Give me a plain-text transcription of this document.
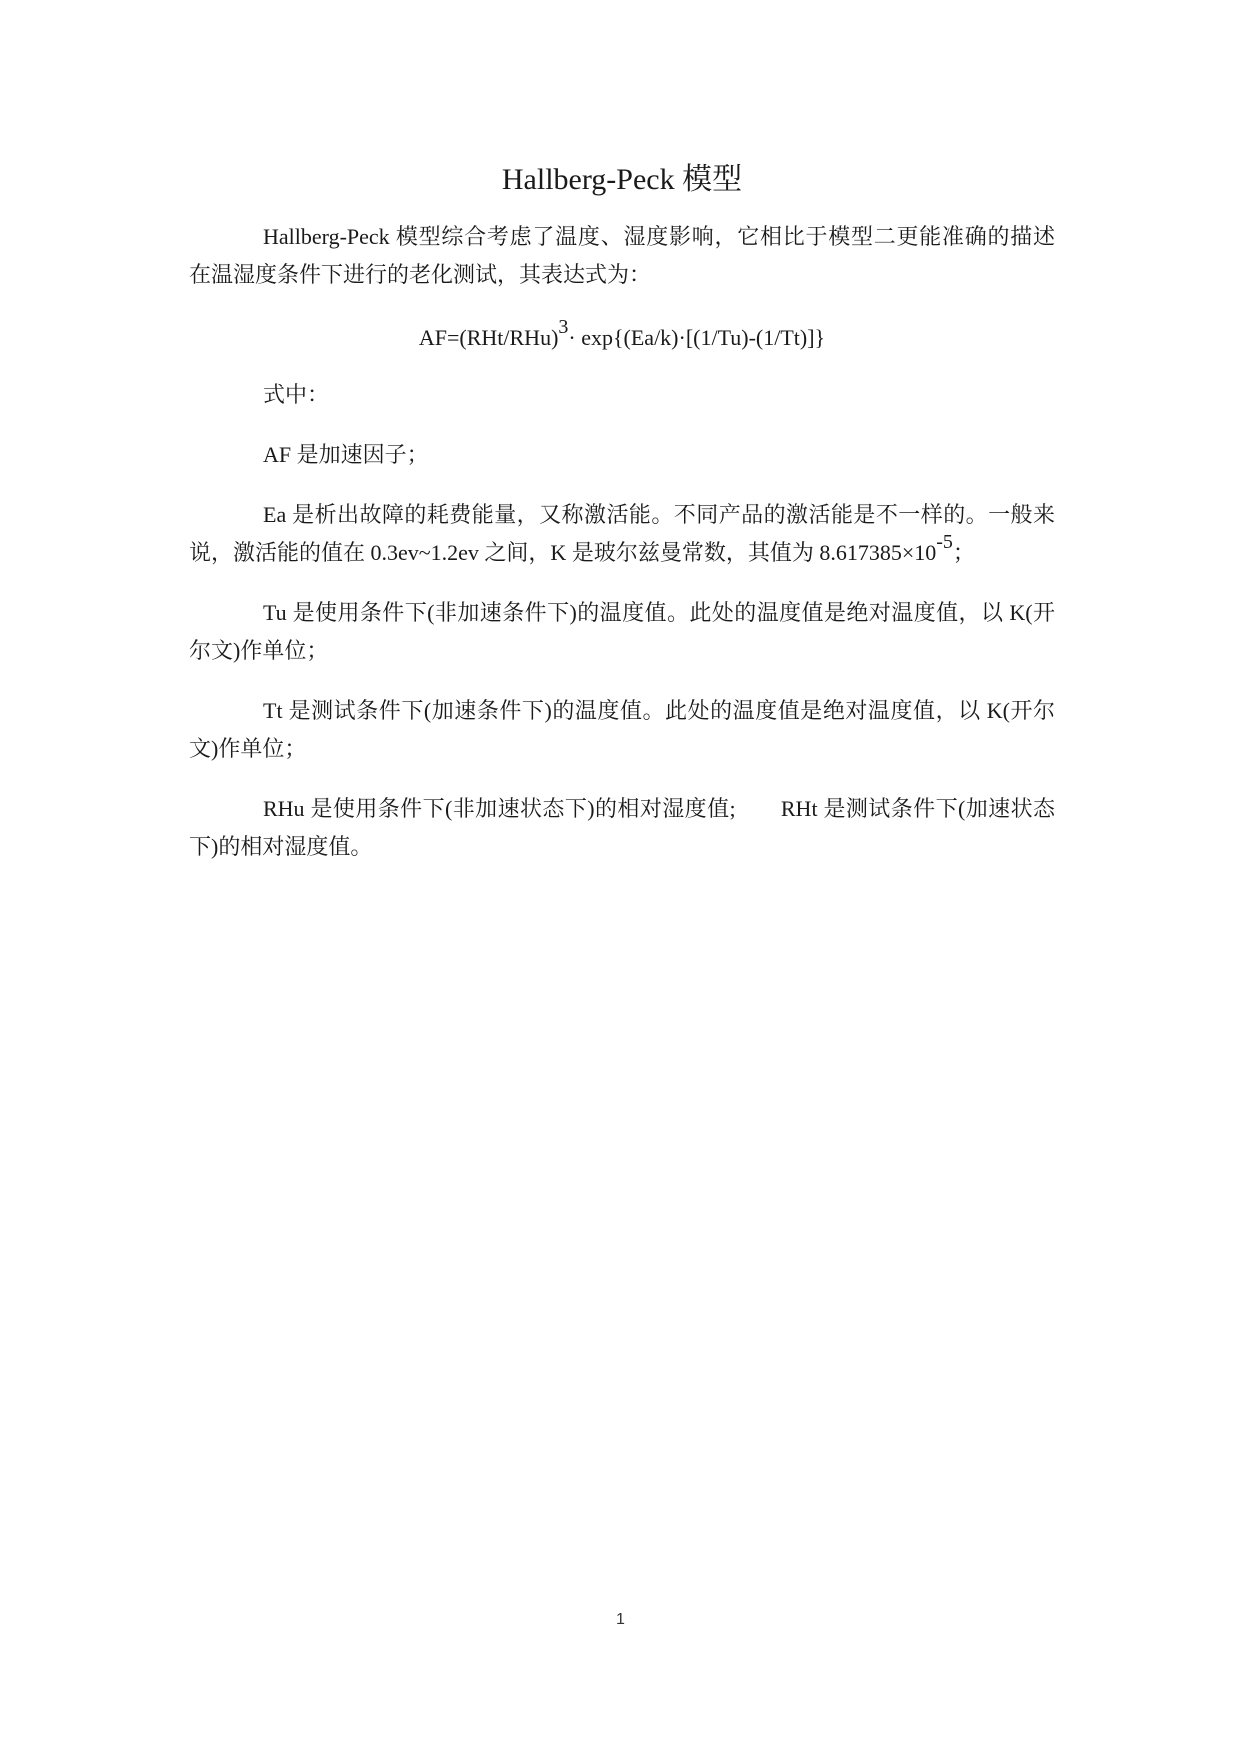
Hallberg-Peck 模型

Hallberg-Peck 模型综合考虑了温度、湿度影响，它相比于模型二更能准确的描述在温湿度条件下进行的老化测试，其表达式为：

$AF=(RHt/RHu)^3\cdot \exp\{(Ea/k)\cdot[(1/Tu)-(1/Tt)]\}$

式中：

AF 是加速因子；

Ea 是析出故障的耗费能量，又称激活能。不同产品的激活能是不一样的。一般来说，激活能的值在 0.3ev~1.2ev 之间，K 是玻尔兹曼常数，其值为 $8.617385\times 10^{-5}$；

Tu 是使用条件下(非加速条件下)的温度值。此处的温度值是绝对温度值，以 K(开尔文)作单位；

Tt 是测试条件下(加速条件下)的温度值。此处的温度值是绝对温度值，以 K(开尔文)作单位；

RHu 是使用条件下(非加速状态下)的相对湿度值;　　RHt 是测试条件下(加速状态下)的相对湿度值。

1
